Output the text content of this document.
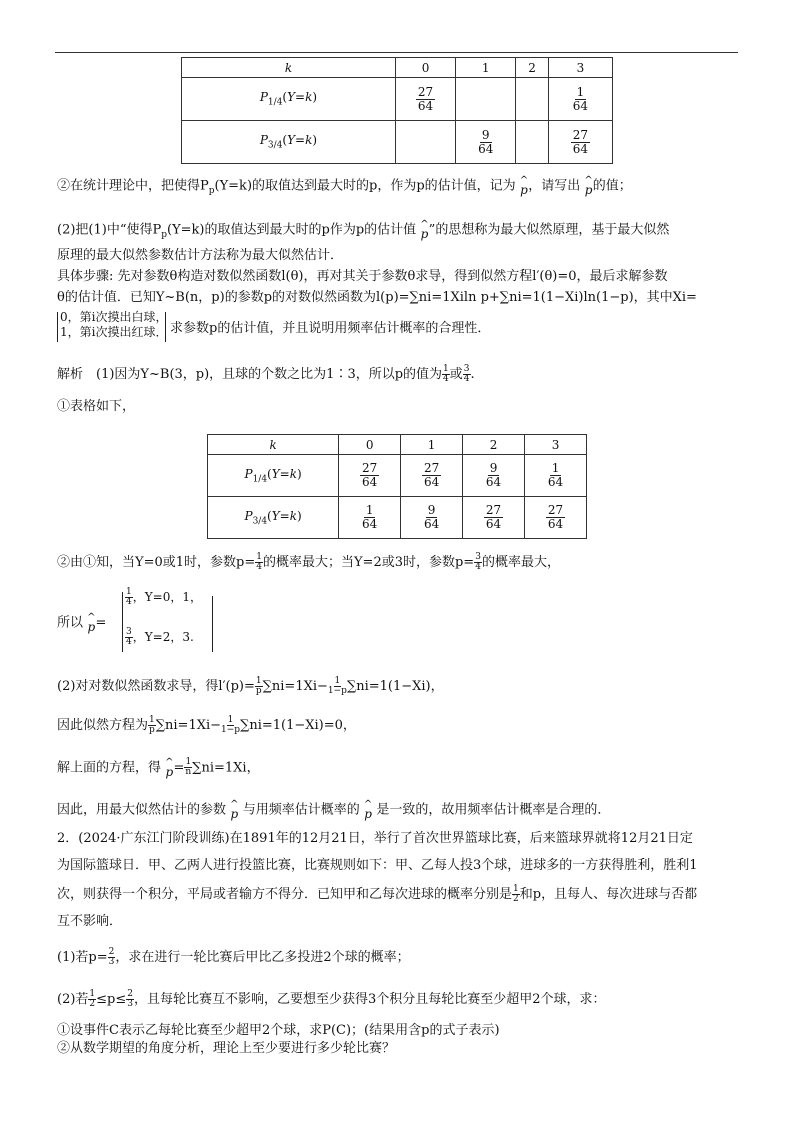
k	0	1	2	3
$P_{1/4}(Y=k)$	$\frac{27}{64}$			$\frac{1}{64}$

$P_{3/4}(Y=k)$		$\frac{9}{64}$		$\frac{27}{64}$
②在统计理论中，把使得$P_p(Y=k)$的取值达到最大时的p，作为p的估计值，记为 ^
p，请写出 ^
p的值；
(2)把(1)中“使得$P_p(Y=k)$的取值达到最大时的p作为p的估计值 ^
p”的思想称为最大似然原理，基于最大似然
原理的最大似然参数估计方法称为最大似然估计．
具体步骤: 先对参数θ构造对数似然函数l(θ)，再对其关于参数θ求导，得到似然方程l′(θ)=0，最后求解参数
θ的估计值．已知Y~B(n，p)的参数p的对数似然函数为l(p)=∑ni=1Xiln p+∑ni=1(1−Xi)ln(1−p)，其中Xi=
0，第i次摸出白球，
1，第i次摸出红球． 求参数p的估计值，并且说明用频率估计概率的合理性．
解析　(1)因为Y~B(3，p)，且球的个数之比为1∶3，所以p的值为 $\frac{1}{4}$ 或 $\frac{3}{4}$ .
①表格如下，
k	0	1	2	3
$P_{1/4}(Y=k)$	$\frac{27}{64}$	$\frac{27}{64}$	$\frac{9}{64}$	$\frac{1}{64}$

$P_{3/4}(Y=k)$	$\frac{1}{64}$	$\frac{9}{64}$	$\frac{27}{64}$	$\frac{27}{64}$
②由①知，当Y=0或1时，参数$p= \frac{1}{4}$ 的概率最大；当Y=2或3时，参数$p= \frac{3}{4}$ 的概率最大，
所以 ^
p=
$\frac{1}{4}$ ，Y=0，1，
$\frac{3}{4}$ ，Y=2，3.
(2)对对数似然函数求导，得$l'(p)= \frac{1}{p} \sum ni=1Xi- \frac{1}{1-p} \sum ni=1(1-Xi)$，
因此似然方程为 $\frac{1}{p} \sum ni=1Xi- \frac{1}{1-p} \sum ni=1(1-Xi)=0$，
解上面的方程，得 ^
$p= \frac{1}{n} \sum ni=1Xi$，
因此，用最大似然估计的参数 ^
p 与用频率估计概率的 ^
p 是一致的，故用频率估计概率是合理的．
2．(2024·广东江门阶段训练)在1891年的12月21日，举行了首次世界篮球比赛，后来篮球界就将12月21日定
为国际篮球日．甲、乙两人进行投篮比赛，比赛规则如下：甲、乙每人投3个球，进球多的一方获得胜利，胜利1
次，则获得一个积分，平局或者输方不得分．已知甲和乙每次进球的概率分别是 $\frac{1}{2}$ 和p，且每人、每次进球与否都
互不影响．
(1)若$p= \frac{2}{3}$ ，求在进行一轮比赛后甲比乙多投进2个球的概率；
(2)若 $\frac{1}{2} \le p\le \frac{2}{3}$ ，且每轮比赛互不影响，乙要想至少获得3个积分且每轮比赛至少超甲2个球，求：
①设事件C表示乙每轮比赛至少超甲2个球，求P(C)；(结果用含p的式子表示)
②从数学期望的角度分析，理论上至少要进行多少轮比赛？
